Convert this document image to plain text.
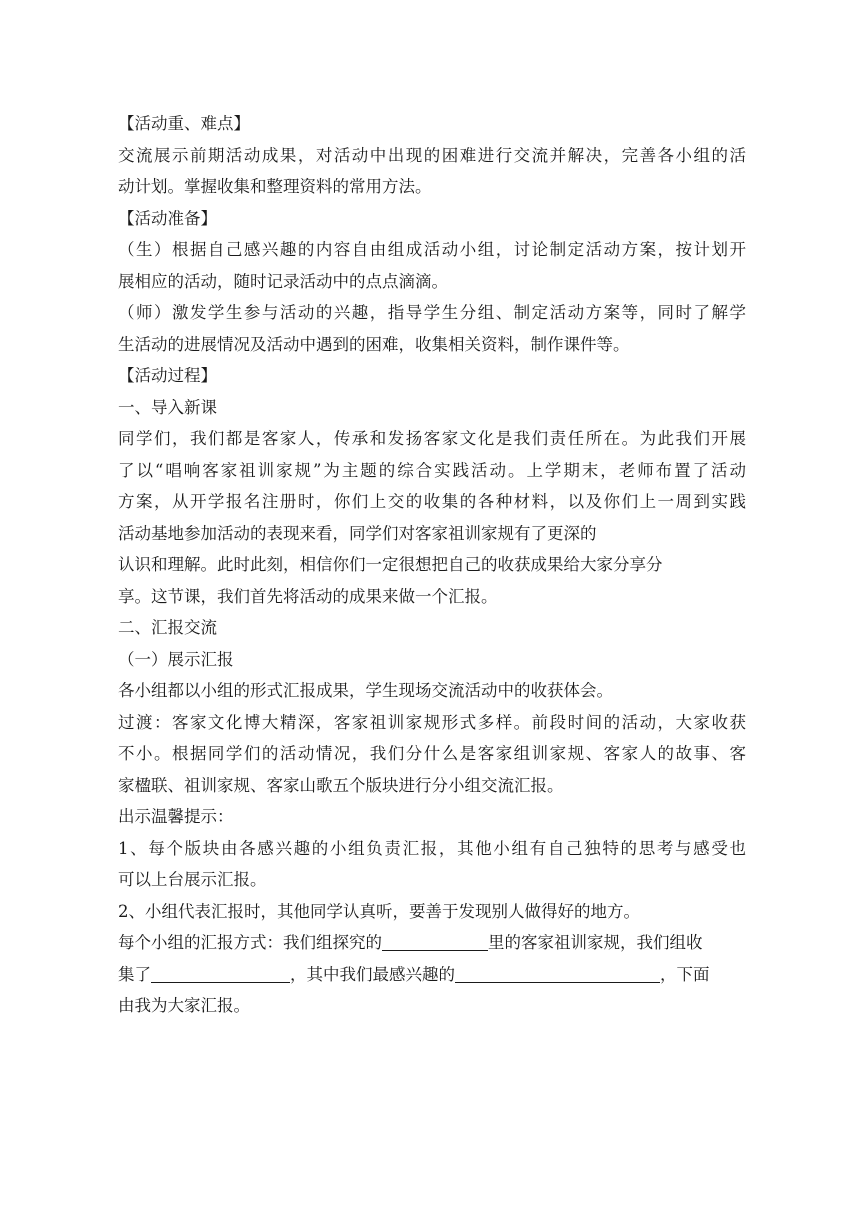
【活动重、难点】
交流展示前期活动成果，对活动中出现的困难进行交流并解决，完善各小组的活
动计划。掌握收集和整理资料的常用方法。
【活动准备】
（生）根据自己感兴趣的内容自由组成活动小组，讨论制定活动方案，按计划开
展相应的活动，随时记录活动中的点点滴滴。
（师）激发学生参与活动的兴趣，指导学生分组、制定活动方案等，同时了解学
生活动的进展情况及活动中遇到的困难，收集相关资料，制作课件等。
【活动过程】
一、导入新课
同学们，我们都是客家人，传承和发扬客家文化是我们责任所在。为此我们开展
了以“唱响客家祖训家规”为主题的综合实践活动。上学期末，老师布置了活动
方案，从开学报名注册时，你们上交的收集的各种材料，以及你们上一周到实践
活动基地参加活动的表现来看，同学们对客家祖训家规有了更深的
认识和理解。此时此刻，相信你们一定很想把自己的收获成果给大家分享分
享。这节课，我们首先将活动的成果来做一个汇报。
二、汇报交流
（一）展示汇报
各小组都以小组的形式汇报成果，学生现场交流活动中的收获体会。
过渡：客家文化博大精深，客家祖训家规形式多样。前段时间的活动，大家收获
不小。根据同学们的活动情况，我们分什么是客家组训家规、客家人的故事、客
家楹联、祖训家规、客家山歌五个版块进行分小组交流汇报。
出示温馨提示：
1、每个版块由各感兴趣的小组负责汇报，其他小组有自己独特的思考与感受也
可以上台展示汇报。
2、小组代表汇报时，其他同学认真听，要善于发现别人做得好的地方。
每个小组的汇报方式：我们组探究的	里的客家祖训家规，我们组收
集了	，其中我们最感兴趣的	，下面
由我为大家汇报。
